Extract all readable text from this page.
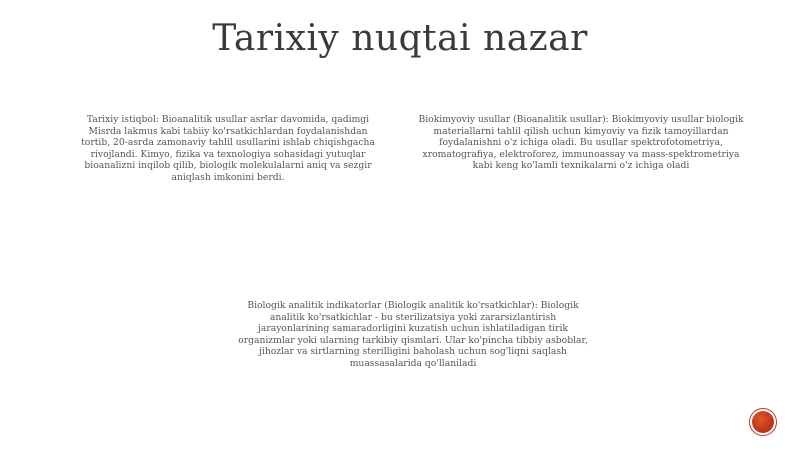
Tarixiy nuqtai nazar
Tarixiy istiqbol: Bioanalitik usullar asrlar davomida, qadimgi Misrda lakmus kabi tabiiy ko'rsatkichlardan foydalanishdan tortib, 20-asrda zamonaviy tahlil usullarini ishlab chiqishgacha rivojlandi. Kimyo, fizika va texnologiya sohasidagi yutuqlar bioanalizni inqilob qilib, biologik molekulalarni aniq va sezgir aniqlash imkonini berdi.
Biokimyoviy usullar (Bioanalitik usullar): Biokimyoviy usullar biologik materiallarni tahlil qilish uchun kimyoviy va fizik tamoyillardan foydalanishni o'z ichiga oladi. Bu usullar spektrofotometriya, xromatografiya, elektroforez, immunoassay va mass-spektrometriya kabi keng ko'lamli texnikalarni o'z ichiga oladi
Biologik analitik indikatorlar (Biologik analitik ko'rsatkichlar): Biologik analitik ko'rsatkichlar - bu sterilizatsiya yoki zararsizlantirish jarayonlarining samaradorligini kuzatish uchun ishlatiladigan tirik organizmlar yoki ularning tarkibiy qismlari. Ular ko'pincha tibbiy asboblar, jihozlar va sirtlarning sterilligini baholash uchun sog'liqni saqlash muassasalarida qo'llaniladi
